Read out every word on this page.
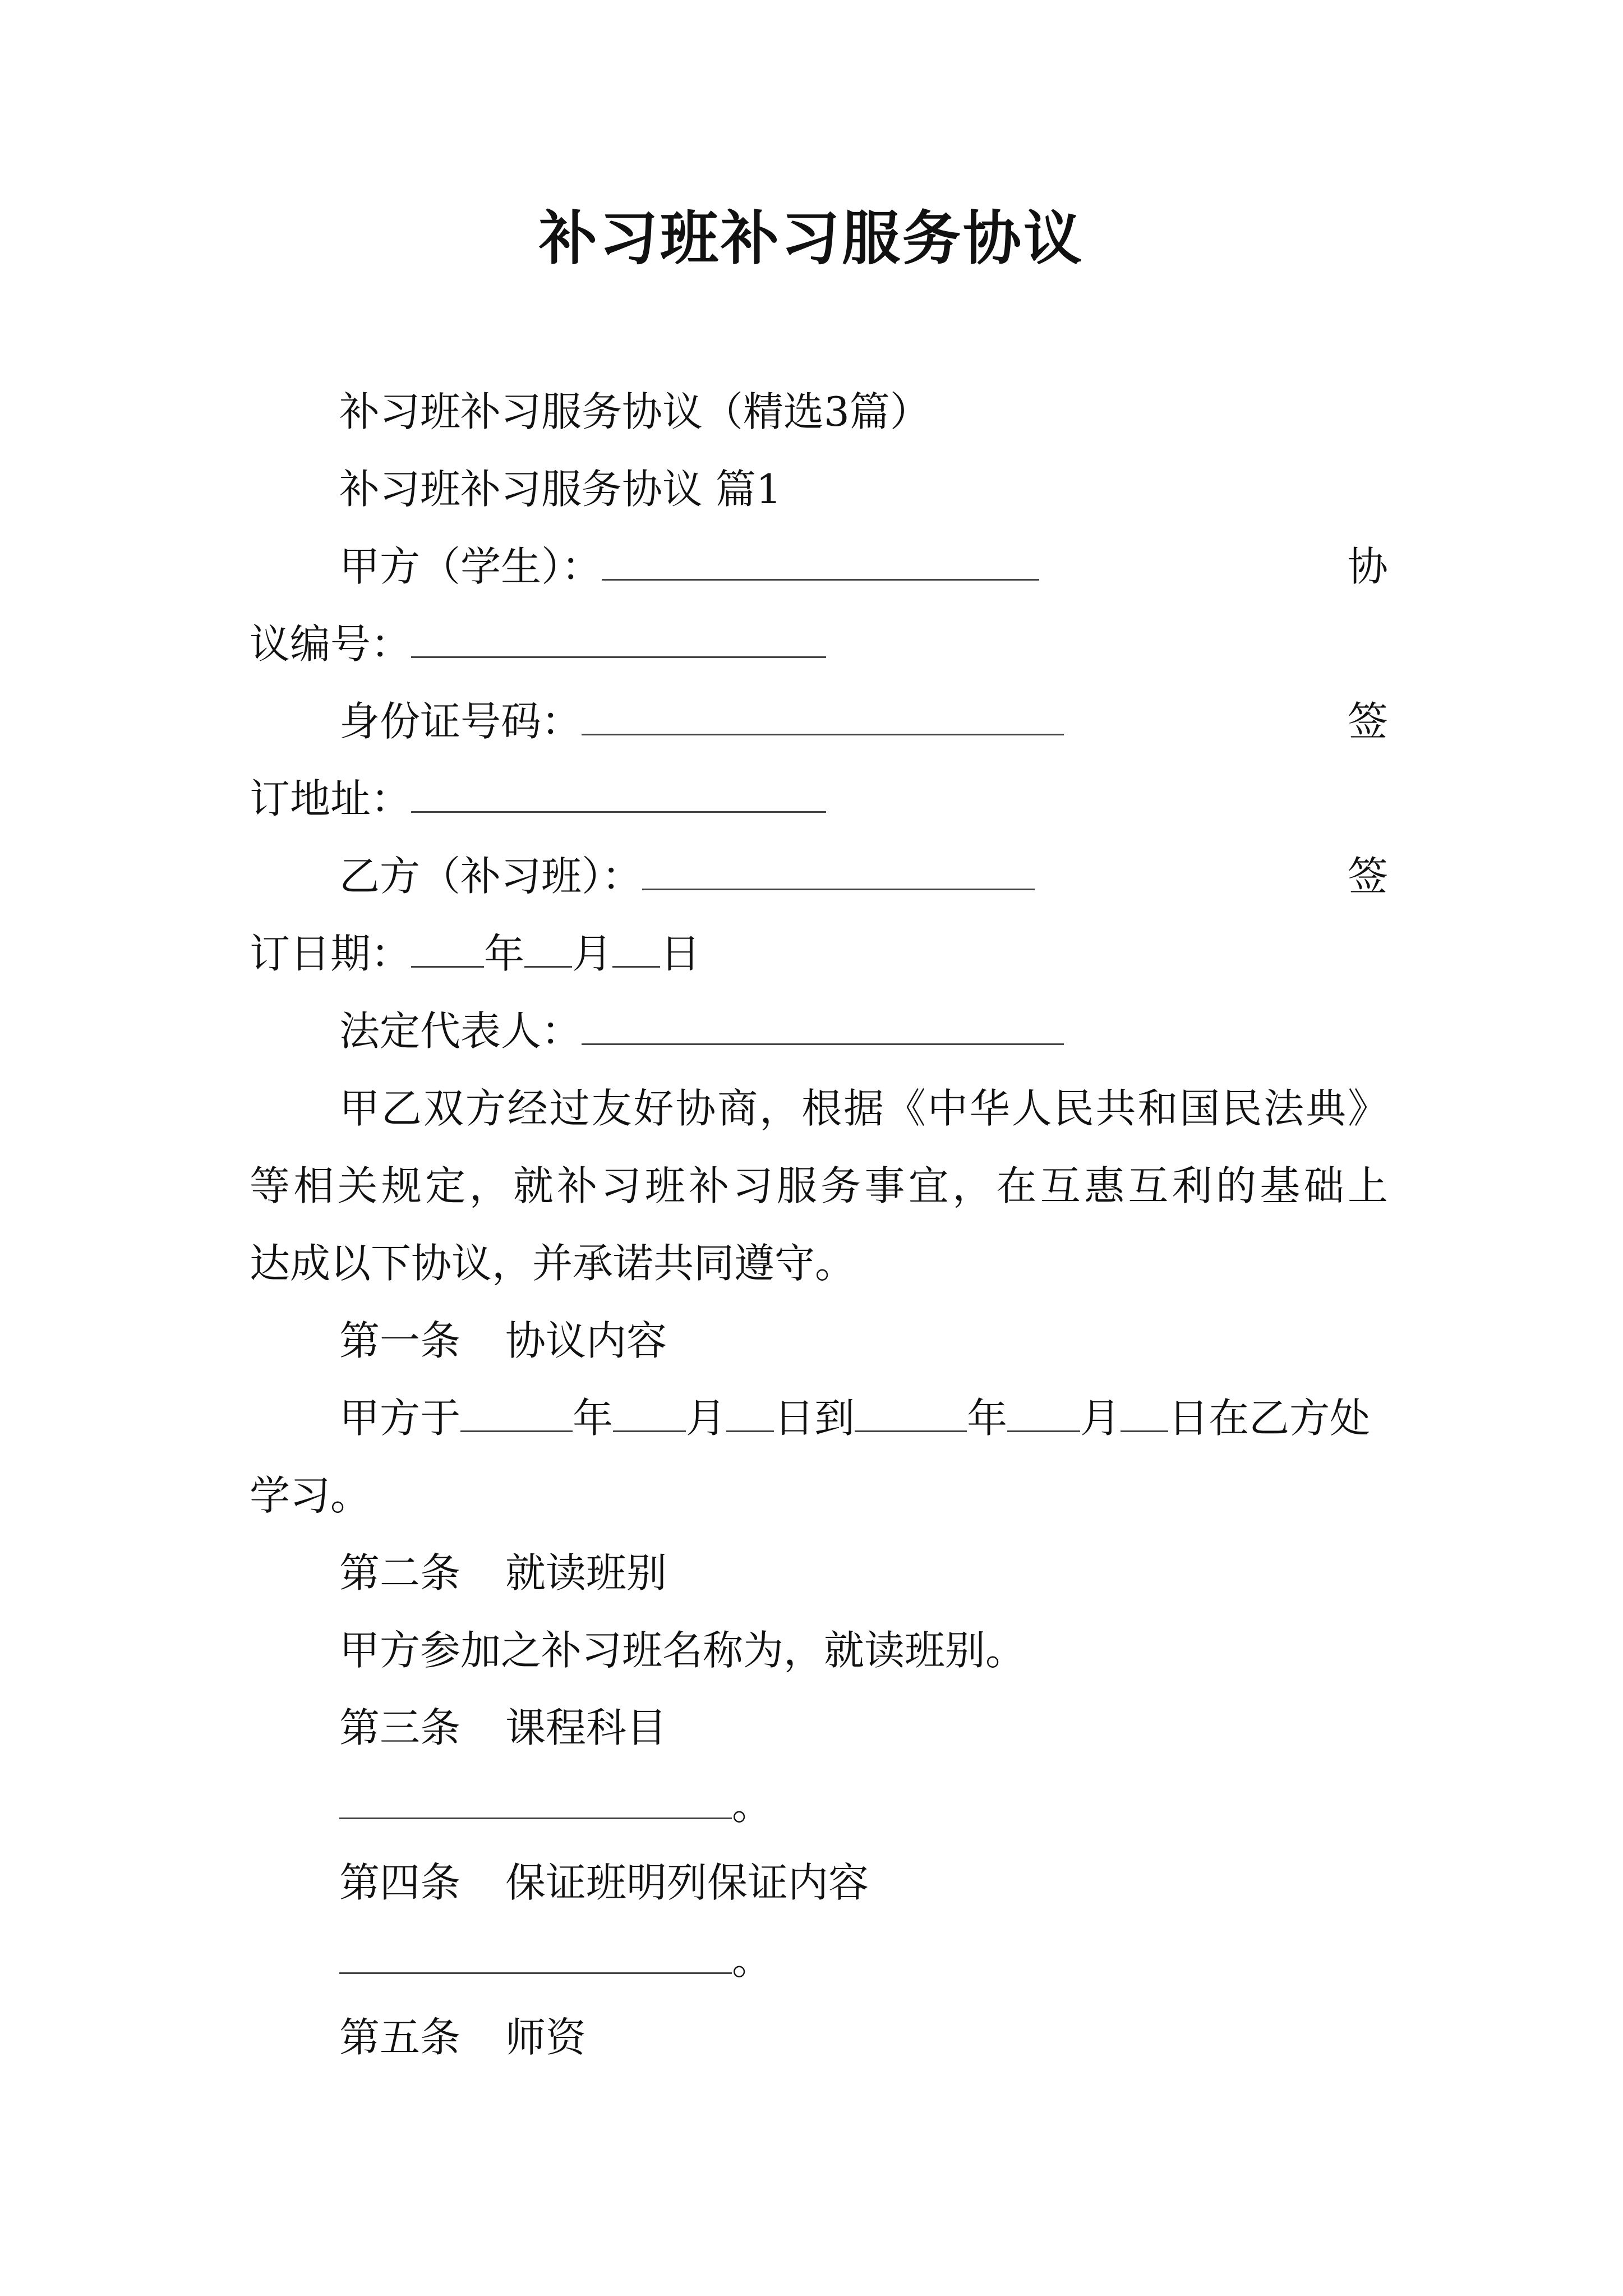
补习班补习服务协议
补习班补习服务协议（精选3篇）
补习班补习服务协议 篇1
甲方（学生）：	协
议编号：
身份证号码：	签
订地址：
乙方（补习班）：	签
订日期： 年 月 日
法定代表人：
甲乙双方经过友好协商，根据《中华人民共和国民法典》
等相关规定，就补习班补习服务事宜，在互惠互利的基础上
达成以下协议，并承诺共同遵守。
第一条 协议内容
甲方于	年 月 日到	年 月 日在乙方处
学习。
第二条 就读班别
甲方参加之补习班名称为，就读班别。
第三条 课程科目
。
第四条 保证班明列保证内容
。
第五条 师资
